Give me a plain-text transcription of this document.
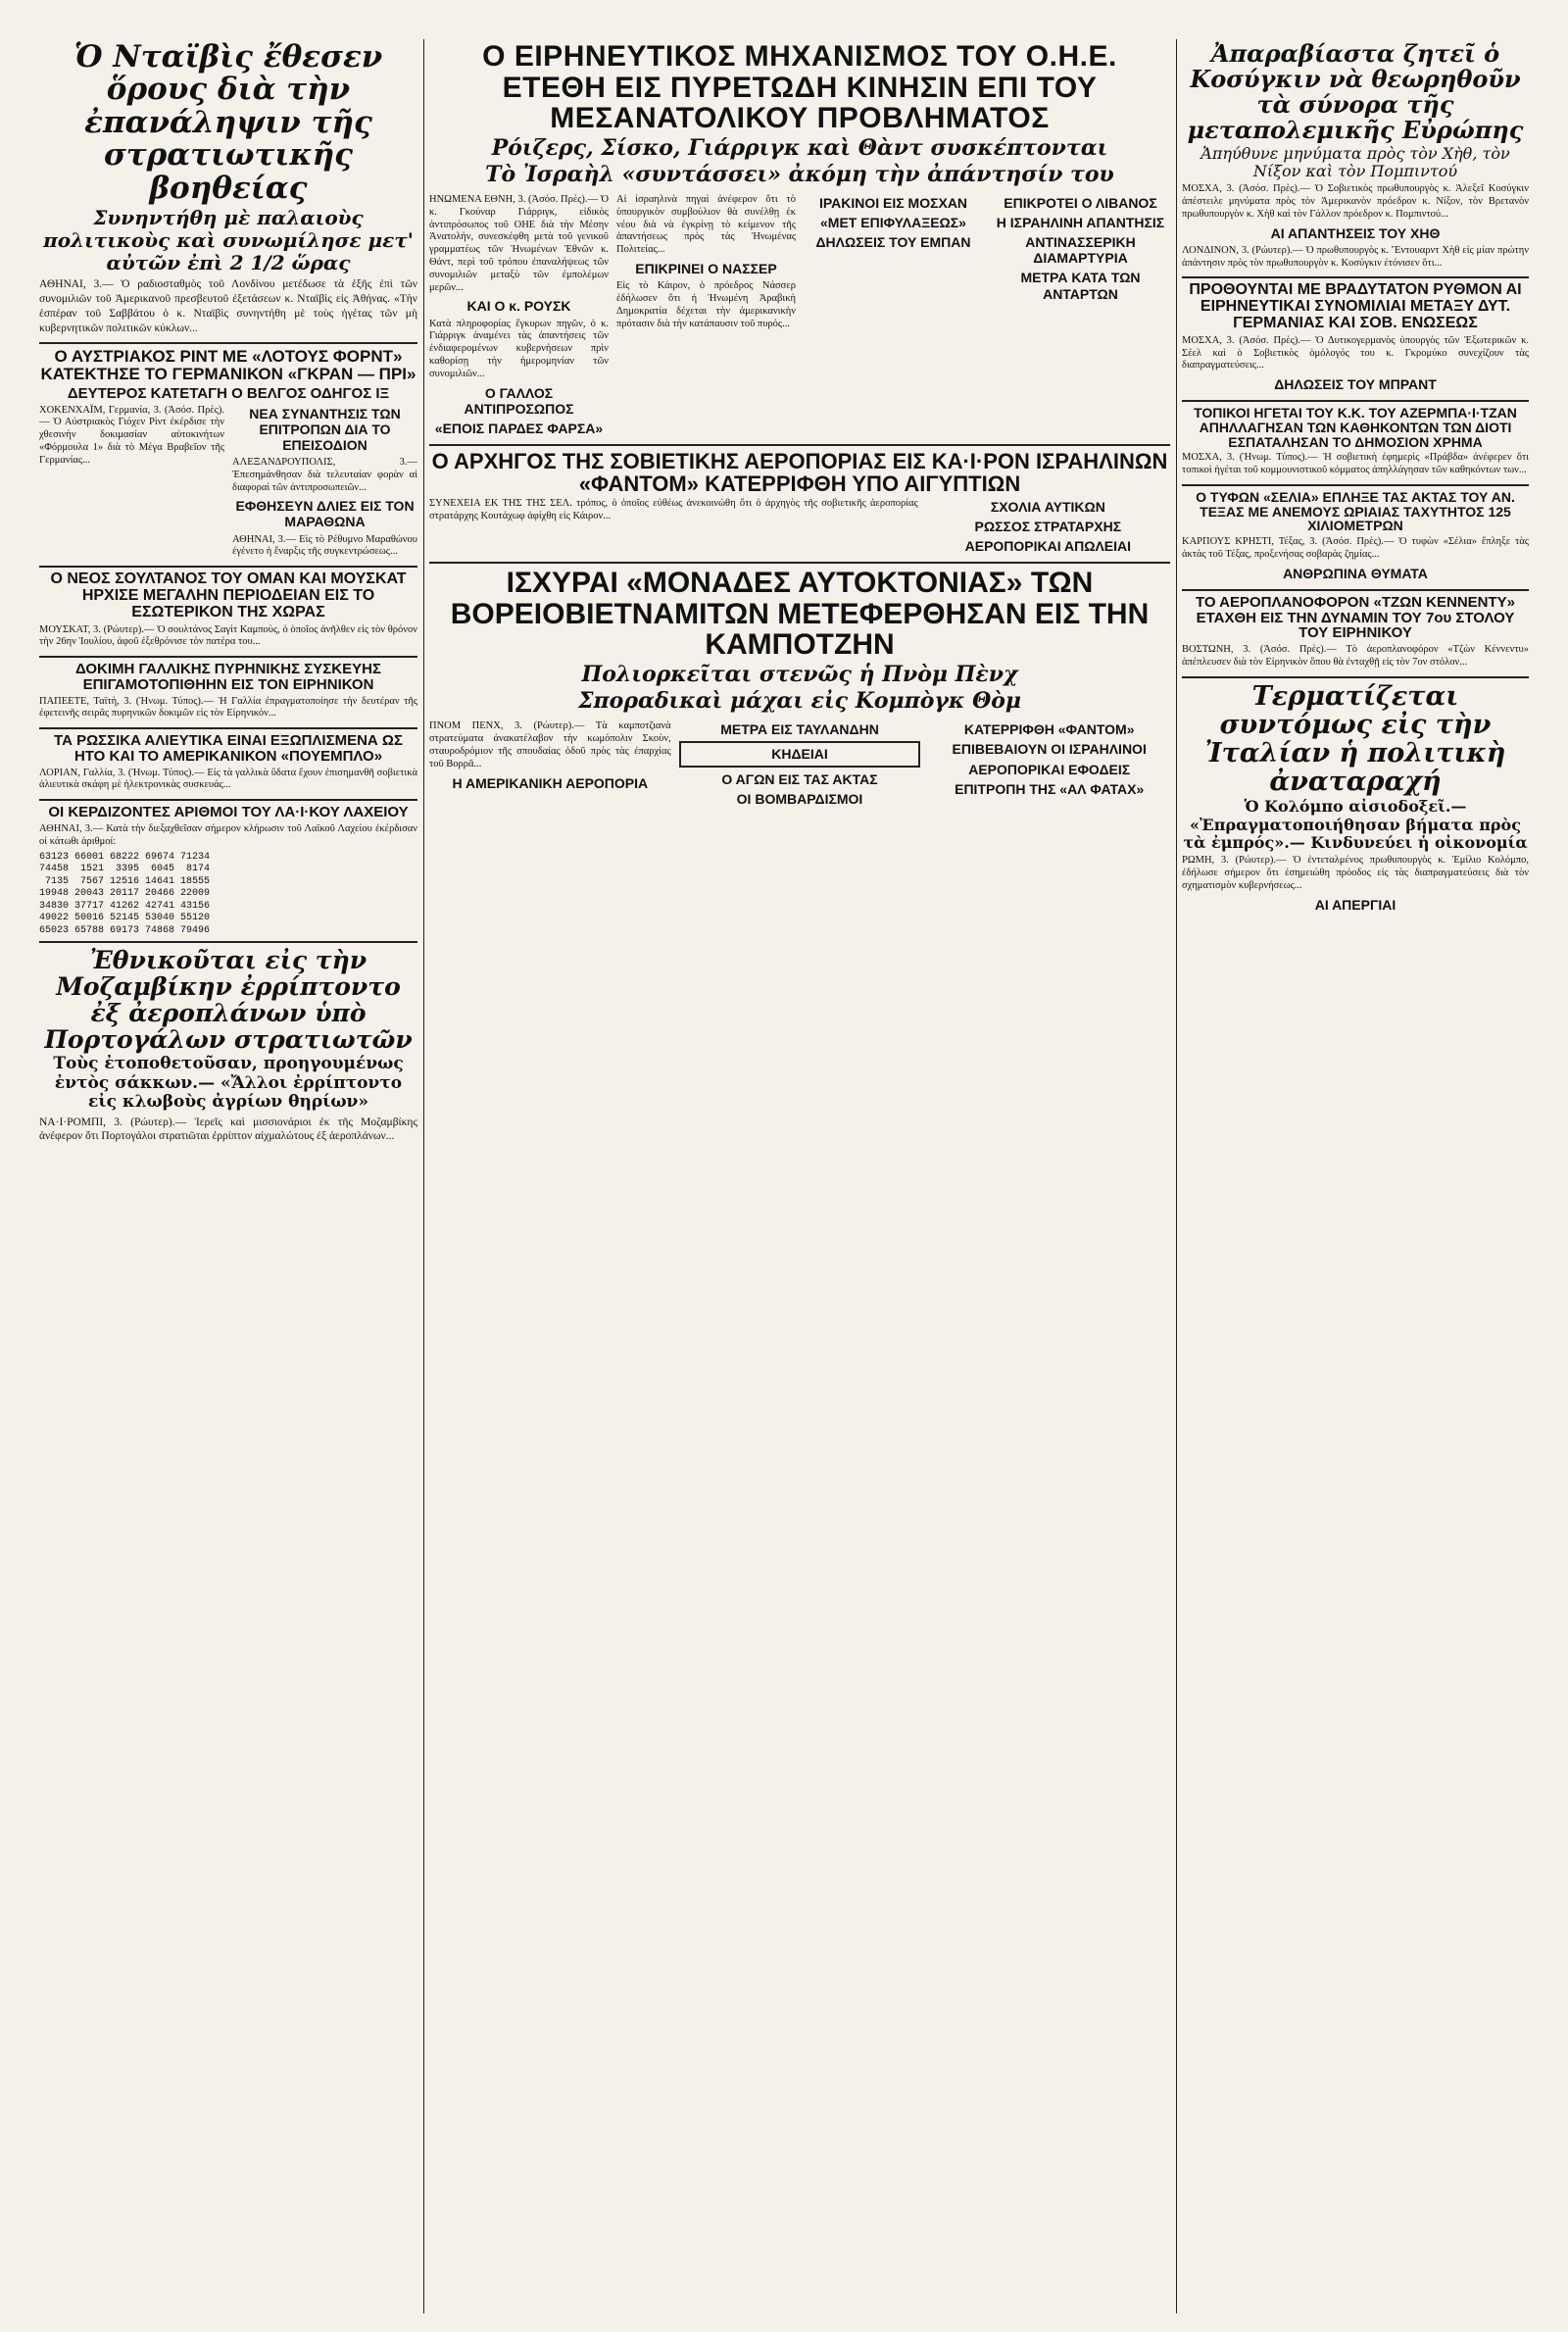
Ὁ Νταϊβὶς ἔθεσεν ὅρους διὰ τὴν ἐπανάληψιν τῆς στρατιωτικῆς βοηθείας

Συνηντήθη μὲ παλαιοὺς πολιτικοὺς καὶ συνωμίλησε μετ' αὐτῶν ἐπὶ 2 1/2 ὥρας

ΑΘΗΝΑΙ, 3.— Ὁ ραδιοσταθμὸς τοῦ Λονδίνου μετέδωσε τὰ ἑξῆς ἐπὶ τῶν συνομιλιῶν τοῦ Ἀμερικανοῦ πρεσβευτοῦ ἐξετάσεων κ. Νταϊβὶς εἰς Ἀθήνας. «Τὴν ἑσπέραν τοῦ Σαββάτου ὁ κ. Νταϊβὶς συνηντήθη μὲ τοὺς ἡγέτας τῶν μὴ κυβερνητικῶν πολιτικῶν κύκλων...

Ο ΑΥΣΤΡΙΑΚΟΣ ΡΙΝΤ ΜΕ «ΛΟΤΟΥΣ ΦΟΡΝΤ» ΚΑΤΕΚΤΗΣΕ ΤΟ ΓΕΡΜΑΝΙΚΟΝ «ΓΚΡΑΝ — ΠΡΙ»
ΔΕΥΤΕΡΟΣ ΚΑΤΕΤΑΓΗ Ο ΒΕΛΓΟΣ ΟΔΗΓΟΣ ΙΞ

ΧΟΚΕΝΧΑΪΜ, Γερμανία, 3. (Ἀσόσ. Πρὲς).— Ὁ Αὐστριακὸς Γιόχεν Ρὶντ ἐκέρδισε τὴν χθεσινὴν δοκιμασίαν αὐτοκινήτων «Φόρμουλα 1» διὰ τὸ Μέγα Βραβεῖον τῆς Γερμανίας...

ΝΕΑ ΣΥΝΑΝΤΗΣΙΣ ΤΩΝ ΕΠΙΤΡΟΠΩΝ ΔΙΑ ΤΟ ΕΠΕΙΣΟΔΙΟΝ

ΑΛΕΞΑΝΔΡΟΥΠΟΛΙΣ, 3.— Ἐπεσημάνθησαν διὰ τελευταίαν φορὰν αἱ διαφοραὶ τῶν ἀντιπροσωπειῶν...

ΕΦΘΗΣΕΥΝ ΔΛΙΕΣ ΕΙΣ ΤΟΝ ΜΑΡΑΘΩΝΑ

ΑΘΗΝΑΙ, 3.— Εἰς τὸ Ρέθυμνο Μαραθώνου ἐγένετο ἡ ἔναρξις τῆς συγκεντρώσεως...

Ο ΝΕΟΣ ΣΟΥΛΤΑΝΟΣ ΤΟΥ ΟΜΑΝ ΚΑΙ ΜΟΥΣΚΑΤ ΗΡΧΙΣΕ ΜΕΓΑΛΗΝ ΠΕΡΙΟΔΕΙΑΝ ΕΙΣ ΤΟ ΕΣΩΤΕΡΙΚΟΝ ΤΗΣ ΧΩΡΑΣ

ΜΟΥΣΚΑΤ, 3. (Ρώυτερ).— Ὁ σουλτάνος Σαγὶτ Καμποὺς, ὁ ὁποῖος ἀνῆλθεν εἰς τὸν θρόνον τὴν 26ην Ἰουλίου, ἀφοῦ ἐξεθρόνισε τὸν πατέρα του...

ΔΟΚΙΜΗ ΓΑΛΛΙΚΗΣ ΠΥΡΗΝΙΚΗΣ ΣΥΣΚΕΥΗΣ ΕΠΙΓΑΜΟΤΟΠΙΘΗΗΝ ΕΙΣ ΤΟΝ ΕΙΡΗΝΙΚΟΝ

ΠΑΠΕΕΤΕ, Ταϊτὴ, 3. (Ἠνωμ. Τύπος).— Ἡ Γαλλία ἐπραγματοποίησε τὴν δευτέραν τῆς ἐφετεινῆς σειρᾶς πυρηνικῶν δοκιμῶν εἰς τὸν Εἰρηνικόν...

ΤΑ ΡΩΣΣΙΚΑ ΑΛΙΕΥΤΙΚΑ ΕΙΝΑΙ ΕΞΩΠΛΙΣΜΕΝΑ ΩΣ ΗΤΟ ΚΑΙ ΤΟ ΑΜΕΡΙΚΑΝΙΚΟΝ «ΠΟΥΕΜΠΛΟ»

ΛΟΡΙΑΝ, Γαλλία, 3. (Ἠνωμ. Τύπος).— Εἰς τὰ γαλλικὰ ὕδατα ἔχουν ἐπισημανθῆ σοβιετικὰ ἁλιευτικὰ σκάφη μὲ ἠλεκτρονικὰς συσκευάς...

ΟΙ ΚΕΡΔΙΖΟΝΤΕΣ ΑΡΙΘΜΟΙ ΤΟΥ ΛΑ·Ι·ΚΟΥ ΛΑΧΕΙΟΥ

ΑΘΗΝΑΙ, 3.— Κατὰ τὴν διεξαχθεῖσαν σήμερον κλήρωσιν τοῦ Λαϊκοῦ Λαχείου ἐκέρδισαν οἱ κάτωθι ἀριθμοί:

63123 66001 68222 69674 71234
74458  1521  3395  6045  8174
7135  7567 12516 14641 18555
19948 20043 20117 20466 22009
34830 37717 41262 42741 43156
49022 50016 52145 53040 55120
65023 65788 69173 74868 79496
Ἐθνικοῦται εἰς τὴν Μοζαμβίκην ἐρρίπτοντο ἐξ ἀεροπλάνων ὑπὸ Πορτογάλων στρατιωτῶν

Τοὺς ἐτοποθετοῦσαν, προηγουμένως ἐντὸς σάκκων.— «Ἄλλοι ἐρρίπτοντο εἰς κλωβοὺς ἀγρίων θηρίων»

ΝΑ·Ι·ΡΟΜΠΙ, 3. (Ρώυτερ).— Ἰερεῖς καὶ μισσιονάριοι ἐκ τῆς Μοζαμβίκης ἀνέφερον ὅτι Πορτογάλοι στρατιῶται ἐρρίπτον αἰχμαλώτους ἐξ ἀεροπλάνων...

Ο ΕΙΡΗΝΕΥΤΙΚΟΣ ΜΗΧΑΝΙΣΜΟΣ ΤΟΥ Ο.Η.Ε. ΕΤΕΘΗ ΕΙΣ ΠΥΡΕΤΩΔΗ ΚΙΝΗΣΙΝ ΕΠΙ ΤΟΥ ΜΕΣΑΝΑΤΟΛΙΚΟΥ ΠΡΟΒΛΗΜΑΤΟΣ

Ρόιζερς, Σίσκο, Γιάρριγκ καὶ Θὰντ συσκέπτονται

Τὸ Ἰσραὴλ «συντάσσει» ἀκόμη τὴν ἀπάντησίν του

ΗΝΩΜΕΝΑ ΕΘΝΗ, 3. (Ἀσόσ. Πρὲς).— Ὁ κ. Γκούναρ Γιάρριγκ, εἰδικὸς ἀντιπρόσωπος τοῦ ΟΗΕ διὰ τὴν Μέσην Ἀνατολήν, συνεσκέφθη μετὰ τοῦ γενικοῦ γραμματέως τῶν Ἡνωμένων Ἐθνῶν κ. Θάντ, περὶ τοῦ τρόπου ἐπαναλήψεως τῶν συνομιλιῶν μεταξὺ τῶν ἐμπολέμων μερῶν...

ΚΑΙ Ο κ. ΡΟΥΣΚ

Κατὰ πληροφορίας ἔγκυρων πηγῶν, ὁ κ. Γιάρριγκ ἀναμένει τὰς ἀπαντήσεις τῶν ἐνδιαφερομένων κυβερνήσεων πρὶν καθορίσῃ τὴν ἡμερομηνίαν τῶν συνομιλιῶν...

Ο ΓΑΛΛΟΣ ΑΝΤΙΠΡΟΣΩΠΟΣ

«ΕΠΟΙΣ ΠΑΡΔΕΣ ΦΑΡΣΑ»

Αἱ ἰσραηλινὰ πηγαὶ ἀνέφερον ὅτι τὸ ὑπουργικὸν συμβούλιον θὰ συνέλθῃ ἐκ νέου διὰ νὰ ἐγκρίνῃ τὸ κείμενον τῆς ἀπαντήσεως πρὸς τὰς Ἡνωμένας Πολιτείας...

ΕΠΙΚΡΙΝΕΙ Ο ΝΑΣΣΕΡ

Εἰς τὸ Κάιρον, ὁ πρόεδρος Νάσσερ ἐδήλωσεν ὅτι ἡ Ἡνωμένη Ἀραβικὴ Δημοκρατία δέχεται τὴν ἀμερικανικὴν πρότασιν διὰ τὴν κατάπαυσιν τοῦ πυρός...

ΙΡΑΚΙΝΟΙ ΕΙΣ ΜΟΣΧΑΝ

«ΜΕΤ ΕΠΙΦΥΛΑΞΕΩΣ»

ΔΗΛΩΣΕΙΣ ΤΟΥ ΕΜΠΑΝ

ΕΠΙΚΡΟΤΕΙ Ο ΛΙΒΑΝΟΣ

Η ΙΣΡΑΗΛΙΝΗ ΑΠΑΝΤΗΣΙΣ

ΑΝΤΙΝΑΣΣΕΡΙΚΗ ΔΙΑΜΑΡΤΥΡΙΑ

ΜΕΤΡΑ ΚΑΤΑ ΤΩΝ ΑΝΤΑΡΤΩΝ

Ο ΑΡΧΗΓΟΣ ΤΗΣ ΣΟΒΙΕΤΙΚΗΣ ΑΕΡΟΠΟΡΙΑΣ ΕΙΣ ΚΑ·Ι·ΡΟΝ ΙΣΡΑΗΛΙΝΩΝ «ΦΑΝΤΟΜ» ΚΑΤΕΡΡΙΦΘΗ ΥΠΟ ΑΙΓΥΠΤΙΩΝ

ΣΥΝΕΧΕΙΑ ΕΚ ΤΗΣ ΤΗΣ ΣΕΛ. τρόπος, ὁ ὁποῖος εὐθέως ἀνεκοινώθη ὅτι ὁ ἀρχηγὸς τῆς σοβιετικῆς ἀεροπορίας στρατάρχης Κουτάχωφ ἀφίχθη εἰς Κάιρον...

ΣΧΟΛΙΑ ΑΥΤΙΚΩΝ

ΡΩΣΣΟΣ ΣΤΡΑΤΑΡΧΗΣ

ΑΕΡΟΠΟΡΙΚΑΙ ΑΠΩΛΕΙΑΙ

ΙΣΧΥΡΑΙ «ΜΟΝΑΔΕΣ ΑΥΤΟΚΤΟΝΙΑΣ» ΤΩΝ ΒΟΡΕΙΟΒΙΕΤΝΑΜΙΤΩΝ ΜΕΤΕΦΕΡΘΗΣΑΝ ΕΙΣ ΤΗΝ ΚΑΜΠΟΤΖΗΝ

Πολιορκεῖται στενῶς ἡ Πνὸμ Πὲνχ

Σποραδικαὶ μάχαι εἰς Κομπὸγκ Θὸμ

ΠΝΟΜ ΠΕΝΧ, 3. (Ρώυτερ).— Τὰ καμποτζιανὰ στρατεύματα ἀνακατέλαβον τὴν κωμόπολιν Σκοὺν, σταυροδρόμιον τῆς σπουδαίας ὁδοῦ πρὸς τὰς ἐπαρχίας τοῦ Βορρᾶ...

Η ΑΜΕΡΙΚΑΝΙΚΗ ΑΕΡΟΠΟΡΙΑ

ΜΕΤΡΑ ΕΙΣ ΤΑΥΛΑΝΔΗΝ

ΚΗΔΕΙΑΙ

Ο ΑΓΩΝ ΕΙΣ ΤΑΣ ΑΚΤΑΣ

ΟΙ ΒΟΜΒΑΡΔΙΣΜΟΙ

ΚΑΤΕΡΡΙΦΘΗ «ΦΑΝΤΟΜ»

ΕΠΙΒΕΒΑΙΟΥΝ ΟΙ ΙΣΡΑΗΛΙΝΟΙ

ΑΕΡΟΠΟΡΙΚΑΙ ΕΦΟΔΕΙΣ

ΕΠΙΤΡΟΠΗ ΤΗΣ «ΑΛ ΦΑΤΑΧ»

Ἀπαραβίαστα ζητεῖ ὁ Κοσύγκιν νὰ θεωρηθοῦν τὰ σύνορα τῆς μεταπολεμικῆς Εὐρώπης

Ἀπηύθυνε μηνύματα πρὸς τὸν Χὴθ, τὸν Νίξον καὶ τὸν Πομπιντού

ΜΟΣΧΑ, 3. (Ἀσόσ. Πρὲς).— Ὁ Σοβιετικὸς πρωθυπουργὸς κ. Ἀλεξεῖ Κοσύγκιν ἀπέστειλε μηνύματα πρὸς τὸν Ἀμερικανὸν πρόεδρον κ. Νίξον, τὸν Βρετανὸν πρωθυπουργὸν κ. Χὴθ καὶ τὸν Γάλλον πρόεδρον κ. Πομπιντού...

ΑΙ ΑΠΑΝΤΗΣΕΙΣ ΤΟΥ ΧΗΘ

ΛΟΝΔΙΝΟΝ, 3. (Ρώυτερ).— Ὁ πρωθυπουργὸς κ. Ἔντουαρντ Χὴθ εἰς μίαν πρώτην ἀπάντησιν πρὸς τὸν πρωθυπουργὸν κ. Κοσύγκιν ἐτόνισεν ὅτι...

ΠΡΟΘΟΥΝΤΑΙ ΜΕ ΒΡΑΔΥΤΑΤΟΝ ΡΥΘΜΟΝ ΑΙ ΕΙΡΗΝΕΥΤΙΚΑΙ ΣΥΝΟΜΙΛΙΑΙ ΜΕΤΑΞΥ ΔΥΤ. ΓΕΡΜΑΝΙΑΣ ΚΑΙ ΣΟΒ. ΕΝΩΣΕΩΣ

ΜΟΣΧΑ, 3. (Ἀσόσ. Πρὲς).— Ὁ Δυτικογερμανὸς ὑπουργὸς τῶν Ἐξωτερικῶν κ. Σέελ καὶ ὁ Σοβιετικὸς ὁμόλογός του κ. Γκρομύκο συνεχίζουν τὰς διαπραγματεύσεις...

ΔΗΛΩΣΕΙΣ ΤΟΥ ΜΠΡΑΝΤ

ΤΟΠΙΚΟΙ ΗΓΕΤΑΙ ΤΟΥ Κ.Κ. ΤΟΥ ΑΖΕΡΜΠΑ·Ι·ΤΖΑΝ ΑΠΗΛΛΑΓΗΣΑΝ ΤΩΝ ΚΑΘΗΚΟΝΤΩΝ ΤΩΝ ΔΙΟΤΙ ΕΣΠΑΤΑΛΗΣΑΝ ΤΟ ΔΗΜΟΣΙΟΝ ΧΡΗΜΑ

ΜΟΣΧΑ, 3. (Ἠνωμ. Τύπος).— Ἡ σοβιετικὴ ἐφημερὶς «Πράβδα» ἀνέφερεν ὅτι τοπικοὶ ἡγέται τοῦ κομμουνιστικοῦ κόμματος ἀπηλλάγησαν τῶν καθηκόντων των...

Ο ΤΥΦΩΝ «ΣΕΛΙΑ» ΕΠΛΗΞΕ ΤΑΣ ΑΚΤΑΣ ΤΟΥ ΑΝ. ΤΕΞΑΣ ΜΕ ΑΝΕΜΟΥΣ ΩΡΙΑΙΑΣ ΤΑΧΥΤΗΤΟΣ 125 ΧΙΛΙΟΜΕΤΡΩΝ

ΚΑΡΠΟΥΣ ΚΡΗΣΤΙ, Τέξας, 3. (Ἀσόσ. Πρὲς).— Ὁ τυφὼν «Σέλια» ἔπληξε τὰς ἀκτὰς τοῦ Τέξας, προξενήσας σοβαρὰς ζημίας...

ΑΝΘΡΩΠΙΝΑ ΘΥΜΑΤΑ

ΤΟ ΑΕΡΟΠΛΑΝΟΦΟΡΟΝ «ΤΖΩΝ ΚΕΝΝΕΝΤΥ» ΕΤΑΧΘΗ ΕΙΣ ΤΗΝ ΔΥΝΑΜΙΝ ΤΟΥ 7ου ΣΤΟΛΟΥ ΤΟΥ ΕΙΡΗΝΙΚΟΥ

ΒΟΣΤΩΝΗ, 3. (Ἀσόσ. Πρὲς).— Τὸ ἀεροπλανοφόρον «Τζὼν Κέννεντυ» ἀπέπλευσεν διὰ τὸν Εἰρηνικὸν ὅπου θὰ ἐνταχθῇ εἰς τὸν 7ον στόλον...

Τερματίζεται συντόμως εἰς τὴν Ἰταλίαν ἡ πολιτικὴ ἀναταραχή

Ὁ Κολόμπο αἰσιοδοξεῖ.— «Ἐπραγματοποιήθησαν βήματα πρὸς τὰ ἐμπρός».— Κινδυνεύει ἡ οἰκονομία

ΡΩΜΗ, 3. (Ρώυτερ).— Ὁ ἐντεταλμένος πρωθυπουργὸς κ. Ἐμίλιο Κολόμπο, ἐδήλωσε σήμερον ὅτι ἐσημειώθη πρόοδος εἰς τὰς διαπραγματεύσεις διὰ τὸν σχηματισμὸν κυβερνήσεως...

ΑΙ ΑΠΕΡΓΙΑΙ
